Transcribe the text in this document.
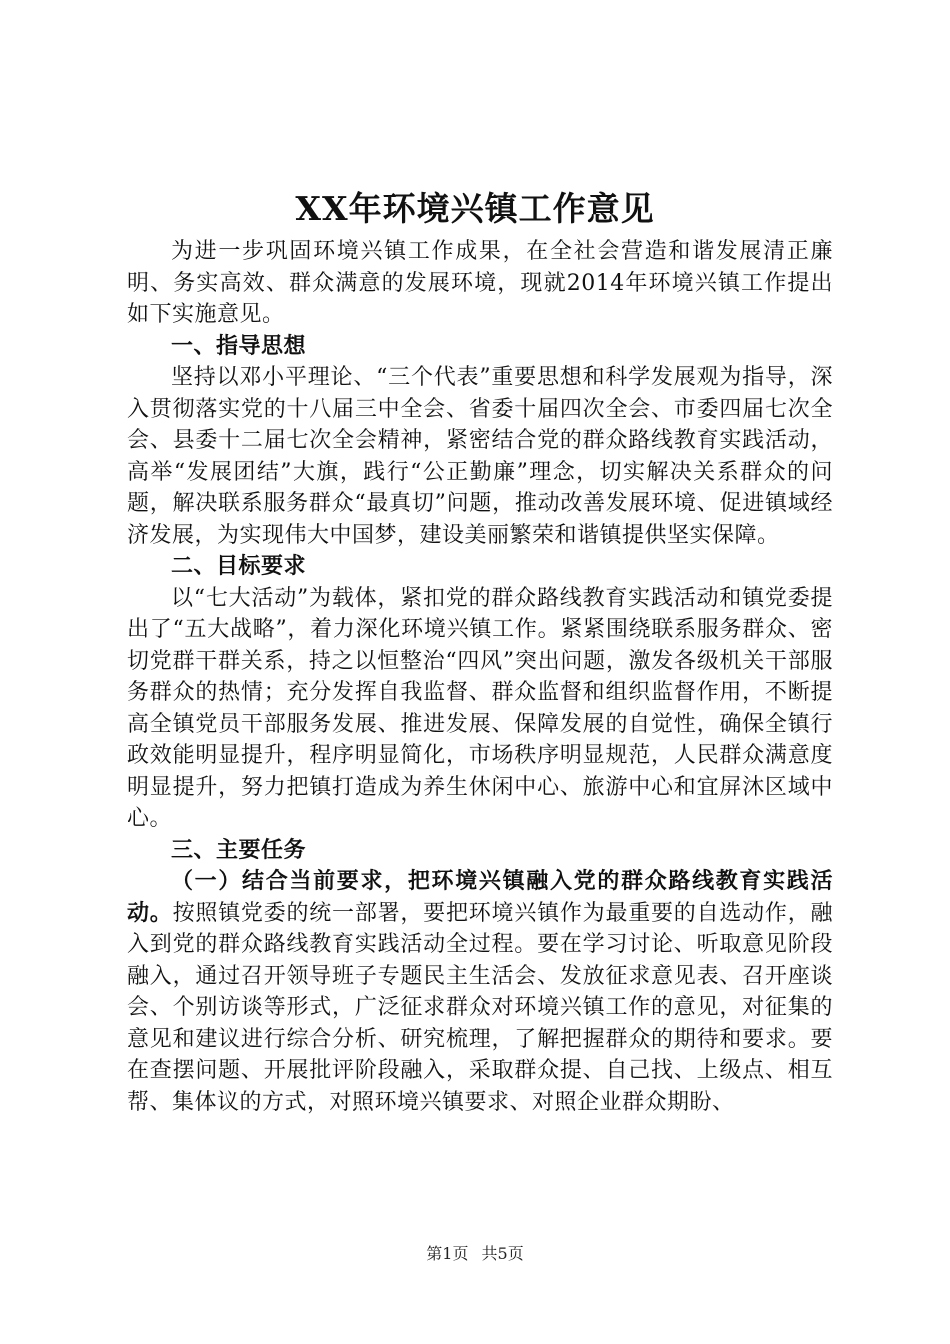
XX年环境兴镇工作意见

为进一步巩固环境兴镇工作成果，在全社会营造和谐发展清正廉明、务实高效、群众满意的发展环境，现就2014年环境兴镇工作提出如下实施意见。

一、指导思想

坚持以邓小平理论、“三个代表”重要思想和科学发展观为指导，深入贯彻落实党的十八届三中全会、省委十届四次全会、市委四届七次全会、县委十二届七次全会精神，紧密结合党的群众路线教育实践活动，高举“发展团结”大旗，践行“公正勤廉”理念，切实解决关系群众的问题，解决联系服务群众“最真切”问题，推动改善发展环境、促进镇域经济发展，为实现伟大中国梦，建设美丽繁荣和谐镇提供坚实保障。

二、目标要求

以“七大活动”为载体，紧扣党的群众路线教育实践活动和镇党委提出了“五大战略”，着力深化环境兴镇工作。紧紧围绕联系服务群众、密切党群干群关系，持之以恒整治“四风”突出问题，激发各级机关干部服务群众的热情；充分发挥自我监督、群众监督和组织监督作用，不断提高全镇党员干部服务发展、推进发展、保障发展的自觉性，确保全镇行政效能明显提升，程序明显简化，市场秩序明显规范，人民群众满意度明显提升，努力把镇打造成为养生休闲中心、旅游中心和宜屏沐区域中心。

三、主要任务

（一）结合当前要求，把环境兴镇融入党的群众路线教育实践活动。按照镇党委的统一部署，要把环境兴镇作为最重要的自选动作，融入到党的群众路线教育实践活动全过程。要在学习讨论、听取意见阶段融入，通过召开领导班子专题民主生活会、发放征求意见表、召开座谈会、个别访谈等形式，广泛征求群众对环境兴镇工作的意见，对征集的意见和建议进行综合分析、研究梳理，了解把握群众的期待和要求。要在查摆问题、开展批评阶段融入，采取群众提、自己找、上级点、相互帮、集体议的方式，对照环境兴镇要求、对照企业群众期盼、

第1页 共5页
